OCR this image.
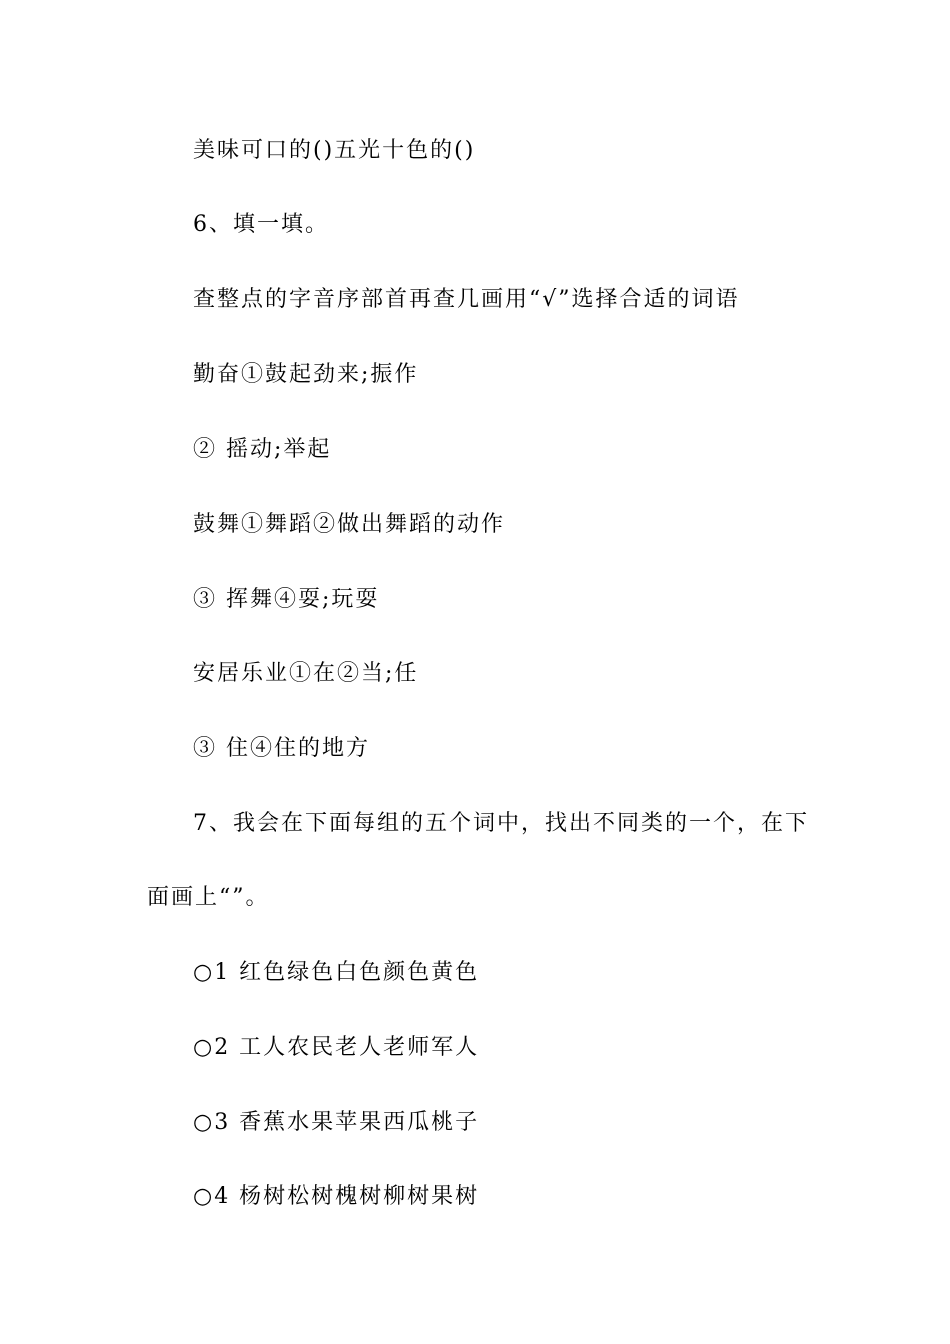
美味可口的()五光十色的()
6、填一填。
查整点的字音序部首再查几画用“√”选择合适的词语
勤奋①鼓起劲来;振作
② 摇动;举起
鼓舞①舞蹈②做出舞蹈的动作
③ 挥舞④耍;玩耍
安居乐业①在②当;任
③ 住④住的地方
7、我会在下面每组的五个词中，找出不同类的一个，在下
面画上“”。
○1 红色绿色白色颜色黄色
○2 工人农民老人老师军人
○3 香蕉水果苹果西瓜桃子
○4 杨树松树槐树柳树果树
